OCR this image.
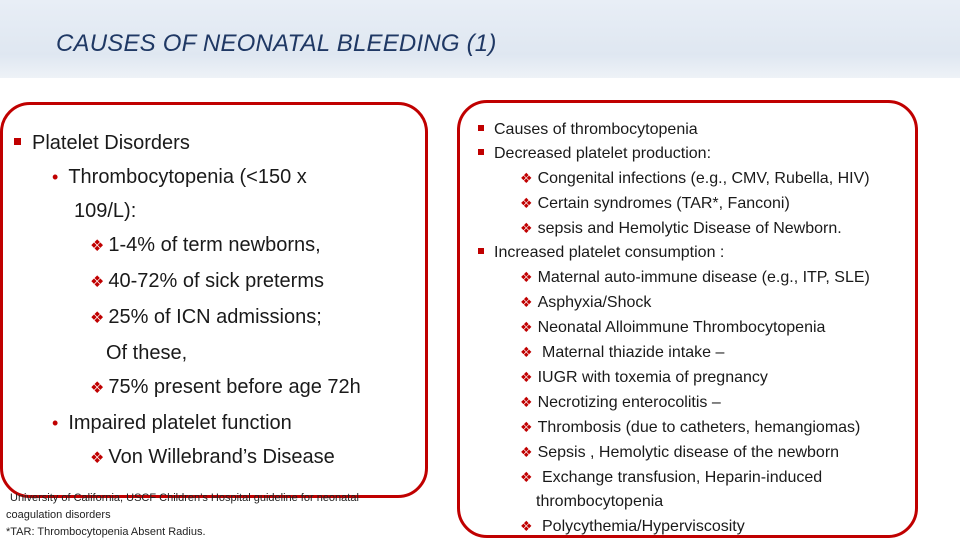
CAUSES OF NEONATAL BLEEDING (1)
Platelet Disorders
• Thrombocytopenia (<150 x
109/L):
❖ 1-4% of term newborns,
❖ 40-72% of sick preterms
❖ 25% of ICN admissions;
Of these,
❖ 75% present before age 72h
• Impaired platelet function
❖ Von Willebrand’s Disease
Causes of thrombocytopenia
Decreased platelet production:
❖ Congenital infections (e.g., CMV, Rubella, HIV)
❖ Certain syndromes (TAR*, Fanconi)
❖ sepsis and Hemolytic Disease of Newborn.
Increased platelet consumption :
❖ Maternal auto-immune disease (e.g., ITP, SLE)
❖ Asphyxia/Shock
❖ Neonatal Alloimmune Thrombocytopenia
❖ Maternal thiazide intake –
❖ IUGR with toxemia of pregnancy
❖ Necrotizing enterocolitis –
❖ Thrombosis (due to catheters, hemangiomas)
❖ Sepsis , Hemolytic disease of the newborn
❖ Exchange transfusion, Heparin-induced
thrombocytopenia
❖ Polycythemia/Hyperviscosity
University of California, USCF Children’s Hospital guideline for neonatal
coagulation disorders
*TAR: Thrombocytopenia Absent Radius.
